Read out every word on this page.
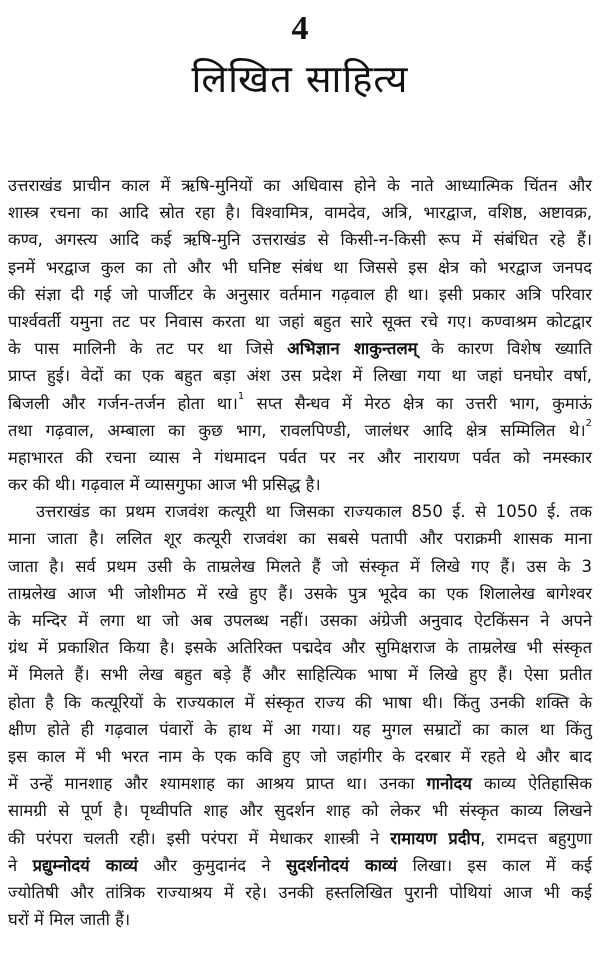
4
लिखित साहित्य
उत्तराखंड प्राचीन काल में ऋषि-मुनियों का अधिवास होने के नाते आध्यात्मिक चिंतन और
शास्त्र रचना का आदि स्रोत रहा है। विश्वामित्र, वामदेव, अत्रि, भारद्वाज, वशिष्ठ, अष्टावक्र,
कण्व, अगस्त्य आदि कई ऋषि-मुनि उत्तराखंड से किसी-न-किसी रूप में संबंधित रहे हैं।
इनमें भरद्वाज कुल का तो और भी घनिष्ट संबंध था जिससे इस क्षेत्र को भरद्वाज जनपद
की संज्ञा दी गई जो पार्जीटर के अनुसार वर्तमान गढ़वाल ही था। इसी प्रकार अत्रि परिवार
पार्श्ववर्ती यमुना तट पर निवास करता था जहां बहुत सारे सूक्त रचे गए। कण्वाश्रम कोटद्वार
के पास मालिनी के तट पर था जिसे अभिज्ञान शाकुन्तलम् के कारण विशेष ख्याति
प्राप्त हुई। वेदों का एक बहुत बड़ा अंश उस प्रदेश में लिखा गया था जहां घनघोर वर्षा,
बिजली और गर्जन-तर्जन होता था।$^1$ सप्त सैन्धव में मेरठ क्षेत्र का उत्तरी भाग, कुमाऊं
तथा गढ़वाल, अम्बाला का कुछ भाग, रावलपिण्डी, जालंधर आदि क्षेत्र सम्मिलित थे।$^2$
महाभारत की रचना व्यास ने गंधमादन पर्वत पर नर और नारायण पर्वत को नमस्कार
कर की थी। गढ़वाल में व्यासगुफा आज भी प्रसिद्ध है।
उत्तराखंड का प्रथम राजवंश कत्यूरी था जिसका राज्यकाल 850 ई. से 1050 ई. तक
माना जाता है। ललित शूर कत्यूरी राजवंश का सबसे पतापी और पराक्रमी शासक माना
जाता है। सर्व प्रथम उसी के ताम्रलेख मिलते हैं जो संस्कृत में लिखे गए हैं। उस के 3
ताम्रलेख आज भी जोशीमठ में रखे हुए हैं। उसके पुत्र भूदेव का एक शिलालेख बागेश्वर
के मन्दिर में लगा था जो अब उपलब्ध नहीं। उसका अंग्रेजी अनुवाद ऐटकिंसन ने अपने
ग्रंथ में प्रकाशित किया है। इसके अतिरिक्त पद्मदेव और सुमिक्षराज के ताम्रलेख भी संस्कृत
में मिलते हैं। सभी लेख बहुत बड़े हैं और साहित्यिक भाषा में लिखे हुए हैं। ऐसा प्रतीत
होता है कि कत्यूरियों के राज्यकाल में संस्कृत राज्य की भाषा थी। किंतु उनकी शक्ति के
क्षीण होते ही गढ़वाल पंवारों के हाथ में आ गया। यह मुगल सम्राटों का काल था किंतु
इस काल में भी भरत नाम के एक कवि हुए जो जहांगीर के दरबार में रहते थे और बाद
में उन्हें मानशाह और श्यामशाह का आश्रय प्राप्त था। उनका गानोदय काव्य ऐतिहासिक
सामग्री से पूर्ण है। पृथ्वीपति शाह और सुदर्शन शाह को लेकर भी संस्कृत काव्य लिखने
की परंपरा चलती रही। इसी परंपरा में मेधाकर शास्त्री ने रामायण प्रदीप, रामदत्त बहुगुणा
ने प्रद्युम्नोदयं काव्यं और कुमुदानंद ने सुदर्शनोदयं काव्यं लिखा। इस काल में कई
ज्योतिषी और तांत्रिक राज्याश्रय में रहे। उनकी हस्तलिखित पुरानी पोथियां आज भी कई
घरों में मिल जाती हैं।
